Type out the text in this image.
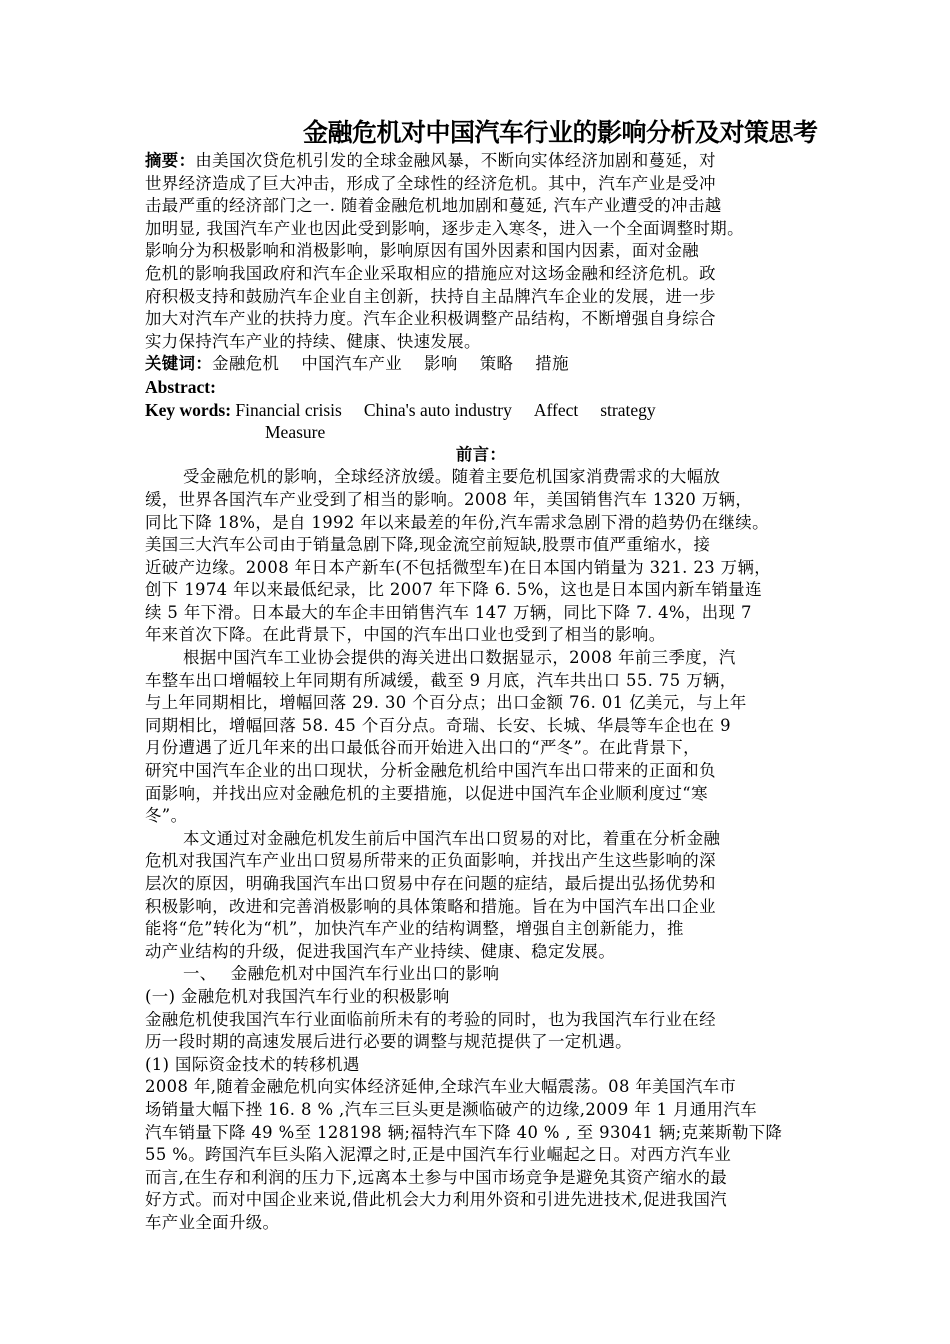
金融危机对中国汽车行业的影响分析及对策思考
摘要：由美国次贷危机引发的全球金融风暴，不断向实体经济加剧和蔓延，对
世界经济造成了巨大冲击，形成了全球性的经济危机。其中，汽车产业是受冲
击最严重的经济部门之一. 随着金融危机地加剧和蔓延, 汽车产业遭受的冲击越
加明显, 我国汽车产业也因此受到影响，逐步走入寒冬，进入一个全面调整时期。
影响分为积极影响和消极影响，影响原因有国外因素和国内因素，面对金融
危机的影响我国政府和汽车企业采取相应的措施应对这场金融和经济危机。政
府积极支持和鼓励汽车企业自主创新，扶持自主品牌汽车企业的发展，进一步
加大对汽车产业的扶持力度。汽车企业积极调整产品结构，不断增强自身综合
实力保持汽车产业的持续、健康、快速发展。
关键词：金融危机 中国汽车产业 影响 策略 措施
Abstract:
Key words: Financial crisis China's auto industry Affect strategy
Measure
前言：
受金融危机的影响，全球经济放缓。随着主要危机国家消费需求的大幅放
缓，世界各国汽车产业受到了相当的影响。2008 年，美国销售汽车 1320 万辆，
同比下降 18%，是自 1992 年以来最差的年份,汽车需求急剧下滑的趋势仍在继续。
美国三大汽车公司由于销量急剧下降,现金流空前短缺,股票市值严重缩水，接
近破产边缘。2008 年日本产新车(不包括微型车)在日本国内销量为 321. 23 万辆，
创下 1974 年以来最低纪录，比 2007 年下降 6. 5%，这也是日本国内新车销量连
续 5 年下滑。日本最大的车企丰田销售汽车 147 万辆，同比下降 7. 4%，出现 7
年来首次下降。在此背景下，中国的汽车出口业也受到了相当的影响。
根据中国汽车工业协会提供的海关进出口数据显示，2008 年前三季度，汽
车整车出口增幅较上年同期有所减缓，截至 9 月底，汽车共出口 55. 75 万辆，
与上年同期相比，增幅回落 29. 30 个百分点；出口金额 76. 01 亿美元，与上年
同期相比，增幅回落 58. 45 个百分点。奇瑞、长安、长城、华晨等车企也在 9
月份遭遇了近几年来的出口最低谷而开始进入出口的“严冬”。在此背景下，
研究中国汽车企业的出口现状，分析金融危机给中国汽车出口带来的正面和负
面影响，并找出应对金融危机的主要措施，以促进中国汽车企业顺利度过“寒
冬”。
本文通过对金融危机发生前后中国汽车出口贸易的对比，着重在分析金融
危机对我国汽车产业出口贸易所带来的正负面影响，并找出产生这些影响的深
层次的原因，明确我国汽车出口贸易中存在问题的症结，最后提出弘扬优势和
积极影响，改进和完善消极影响的具体策略和措施。旨在为中国汽车出口企业
能将“危”转化为“机”，加快汽车产业的结构调整，增强自主创新能力，推
动产业结构的升级，促进我国汽车产业持续、健康、稳定发展。
一、　 金融危机对中国汽车行业出口的影响
(一) 金融危机对我国汽车行业的积极影响
金融危机使我国汽车行业面临前所未有的考验的同时，也为我国汽车行业在经
历一段时期的高速发展后进行必要的调整与规范提供了一定机遇。
(1) 国际资金技术的转移机遇
2008 年,随着金融危机向实体经济延伸,全球汽车业大幅震荡。08 年美国汽车市
场销量大幅下挫 16. 8 % ,汽车三巨头更是濒临破产的边缘,2009 年 1 月通用汽车
汽车销量下降 49 %至 128198 辆;福特汽车下降 40 % , 至 93041 辆;克莱斯勒下降
55 %。跨国汽车巨头陷入泥潭之时,正是中国汽车行业崛起之日。对西方汽车业
而言,在生存和利润的压力下,远离本土参与中国市场竞争是避免其资产缩水的最
好方式。而对中国企业来说,借此机会大力利用外资和引进先进技术,促进我国汽
车产业全面升级。
